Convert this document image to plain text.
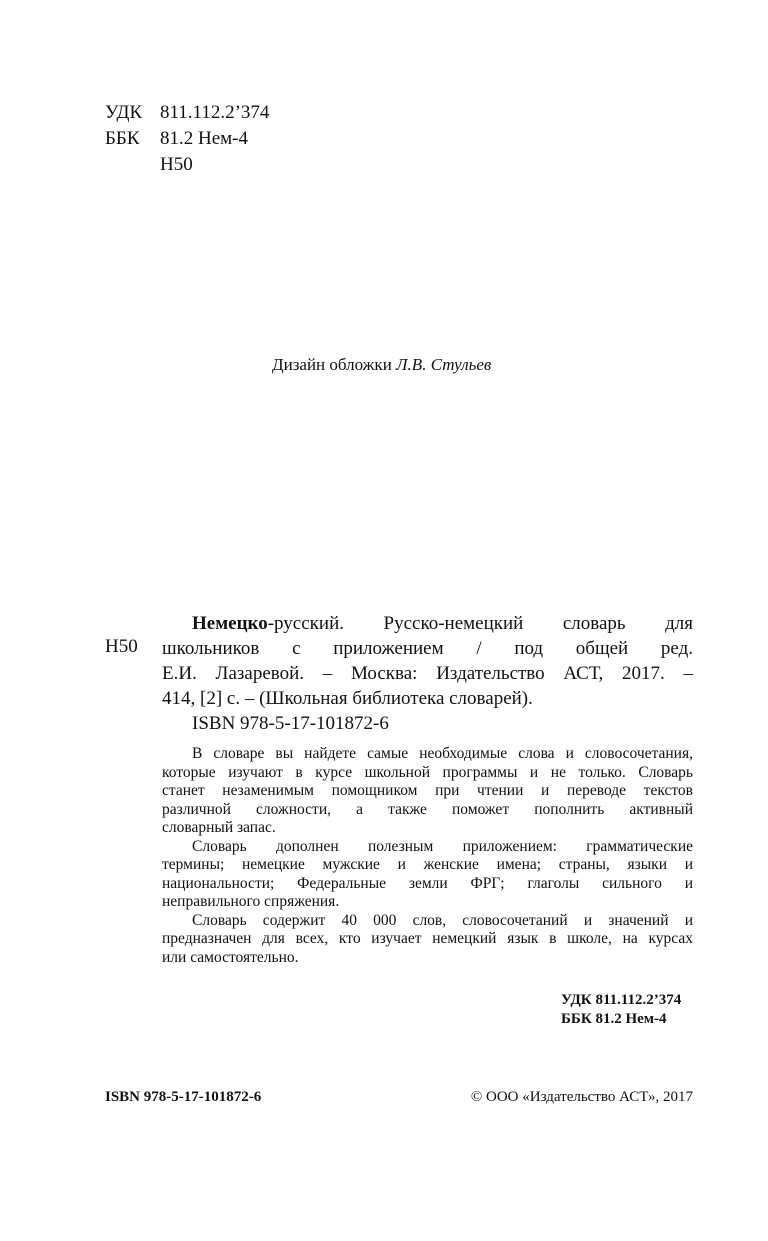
УДК 811.112.2’374
ББК 81.2 Нем-4
Н50
Дизайн обложки Л.В. Стульев
Н50
Немецко-русский. Русско-немецкий словарь для
школьников с приложением / под общей ред.
Е.И. Лазаревой. – Москва: Издательство АСТ, 2017. –
414, [2] с. – (Школьная библиотека словарей).
ISBN 978-5-17-101872-6
В словаре вы найдете самые необходимые слова и словосочетания,
которые изучают в курсе школьной программы и не только. Словарь
станет незаменимым помощником при чтении и переводе текстов
различной сложности, а также поможет пополнить активный
словарный запас.
Словарь дополнен полезным приложением: грамматические
термины; немецкие мужские и женские имена; страны, языки и
национальности; Федеральные земли ФРГ; глаголы сильного и
неправильного спряжения.
Словарь содержит 40 000 слов, словосочетаний и значений и
предназначен для всех, кто изучает немецкий язык в школе, на курсах
или самостоятельно.
УДК 811.112.2’374
ББК 81.2 Нем-4
ISBN 978-5-17-101872-6	© ООО «Издательство АСТ», 2017
